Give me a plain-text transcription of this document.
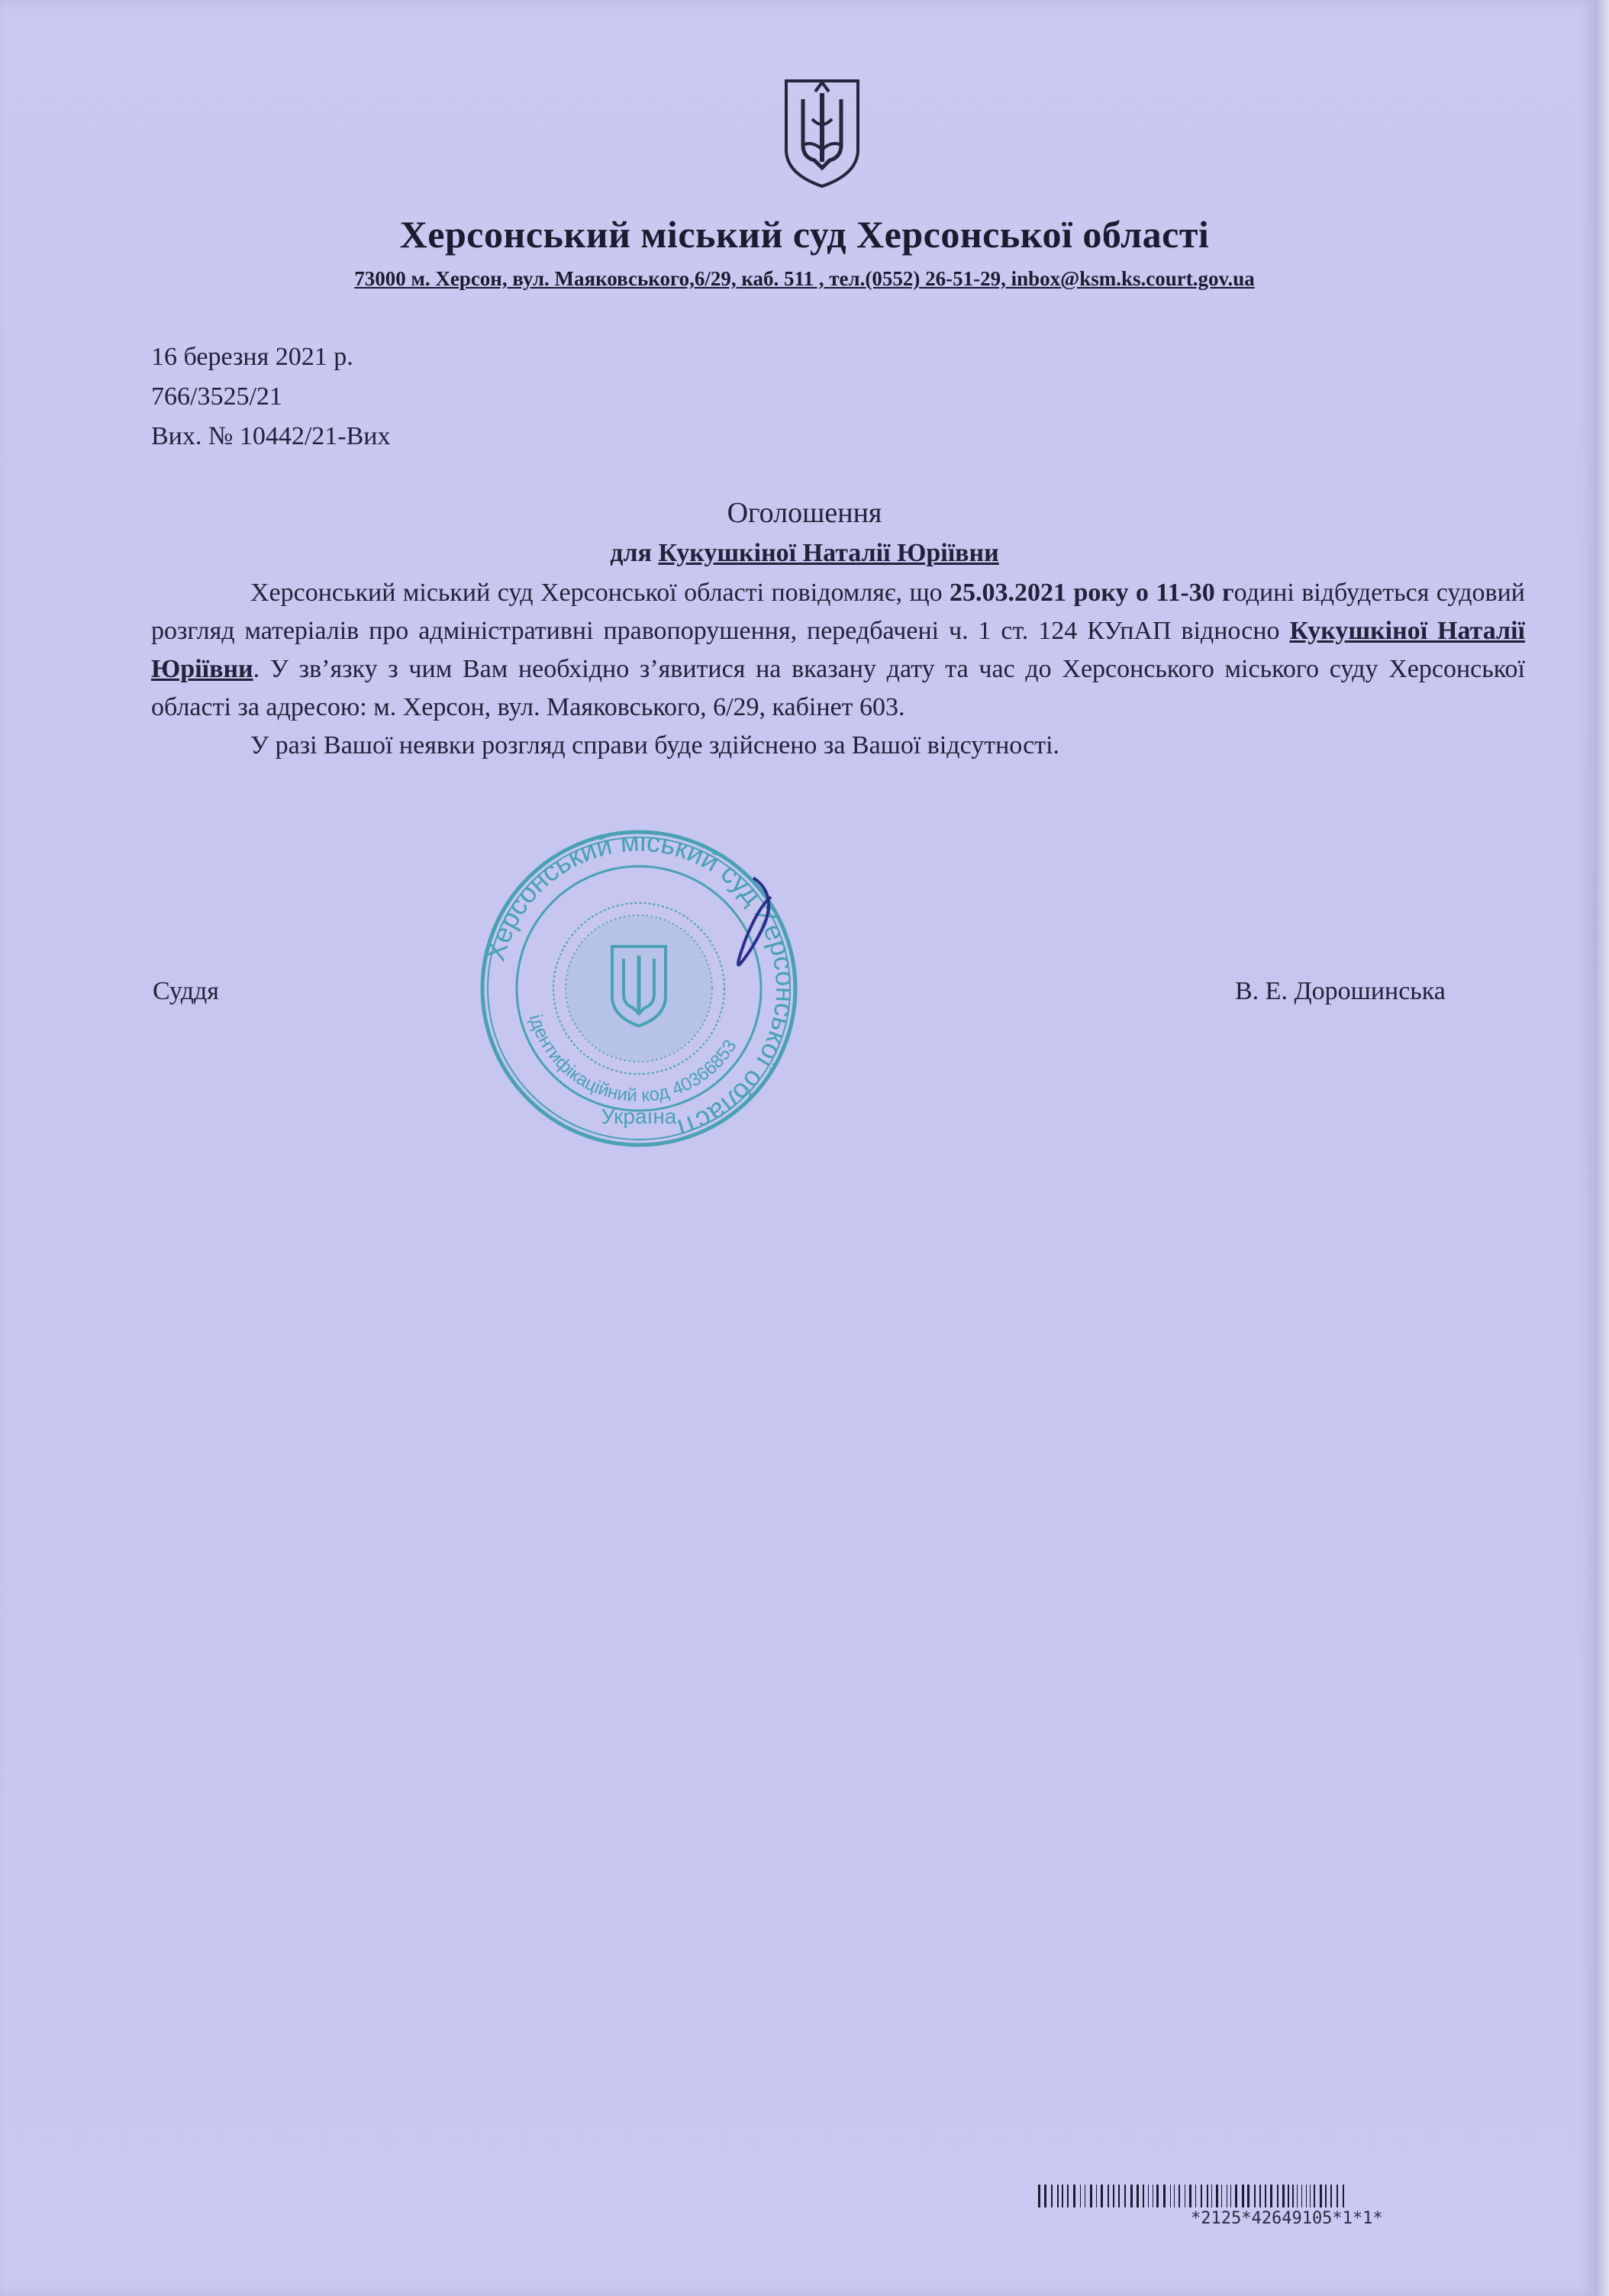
Херсонський міський суд Херсонської області
73000 м. Херсон, вул. Маяковського,6/29, каб. 511 , тел.(0552) 26-51-29, inbox@ksm.ks.court.gov.ua
16 березня 2021 р.
766/3525/21
Вих. № 10442/21-Вих
Оголошення
для Кукушкіної Наталії Юріївни

Херсонський міський суд Херсонської області повідомляє, що 25.03.2021 року о 11-30 годині відбудеться судовий розгляд матеріалів про адміністративні правопорушення, передбачені ч. 1 ст. 124 КУпАП відносно Кукушкіної Наталії Юріївни. У зв’язку з чим Вам необхідно з’явитися на вказану дату та час до Херсонського міського суду Херсонської області за адресою: м. Херсон, вул. Маяковського, 6/29, кабінет 603.

У разі Вашої неявки розгляд справи буде здійснено за Вашої відсутності.

Херсонський міський суд Херсонської області
ідентифікаційний код 40366853
Україна
Суддя	В. Е. Дорошинська
*2125*42649105*1*1*
